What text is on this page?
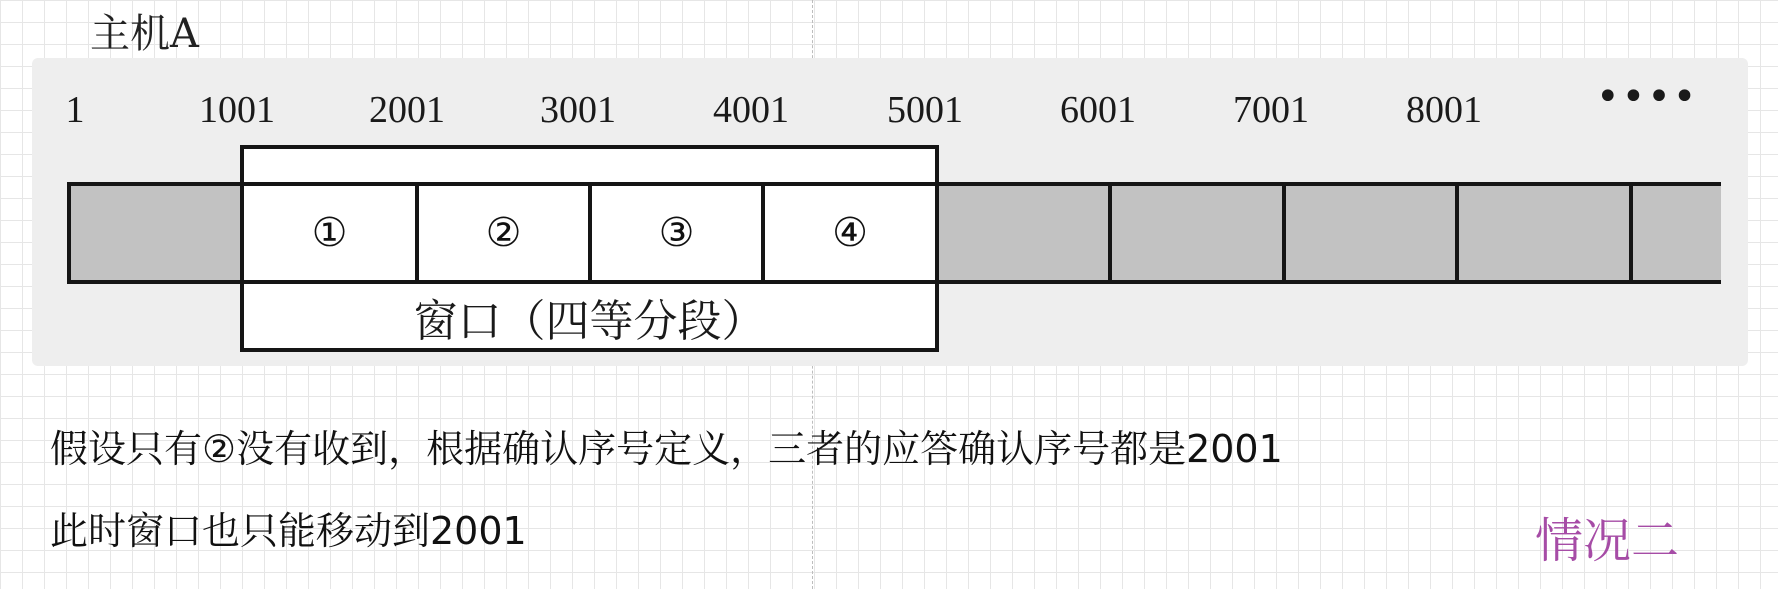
主机A
1	1001 2001	3001	4001	5001	6001	7001	8001	••••
①	②	③	④
窗口（四等分段）
假设只有②没有收到，根据确认序号定义，三者的应答确认序号都是2001
此时窗口也只能移动到2001	情况二
